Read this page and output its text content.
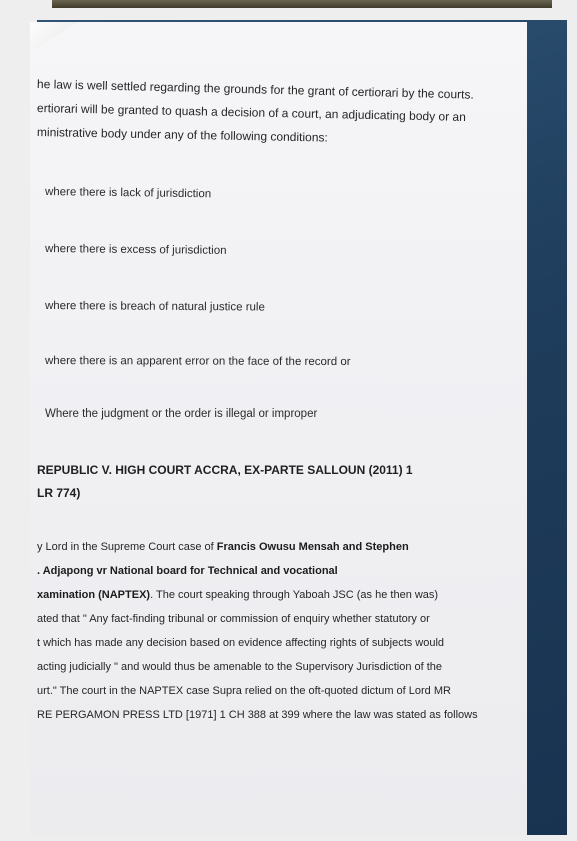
he law is well settled regarding the grounds for the grant of certiorari by the courts.
ertiorari will be granted to quash a decision of a court, an adjudicating body or an
ministrative body under any of the following conditions:
where there is lack of jurisdiction
where there is excess of jurisdiction
where there is breach of natural justice rule
where there is an apparent error on the face of the record or
Where the judgment or the order is illegal or improper
REPUBLIC V. HIGH COURT ACCRA, EX-PARTE SALLOUN (2011) 1
LR 774)
y Lord in the Supreme Court case of Francis Owusu Mensah and Stephen
. Adjapong vr National board for Technical and vocational
xamination (NAPTEX). The court speaking through Yaboah JSC (as he then was)
ated that " Any fact-finding tribunal or commission of enquiry whether statutory or
t which has made any decision based on evidence affecting rights of subjects would
acting judicially " and would thus be amenable to the Supervisory Jurisdiction of the
urt." The court in the NAPTEX case Supra relied on the oft-quoted dictum of Lord MR
RE PERGAMON PRESS LTD [1971] 1 CH 388 at 399 where the law was stated as follows
